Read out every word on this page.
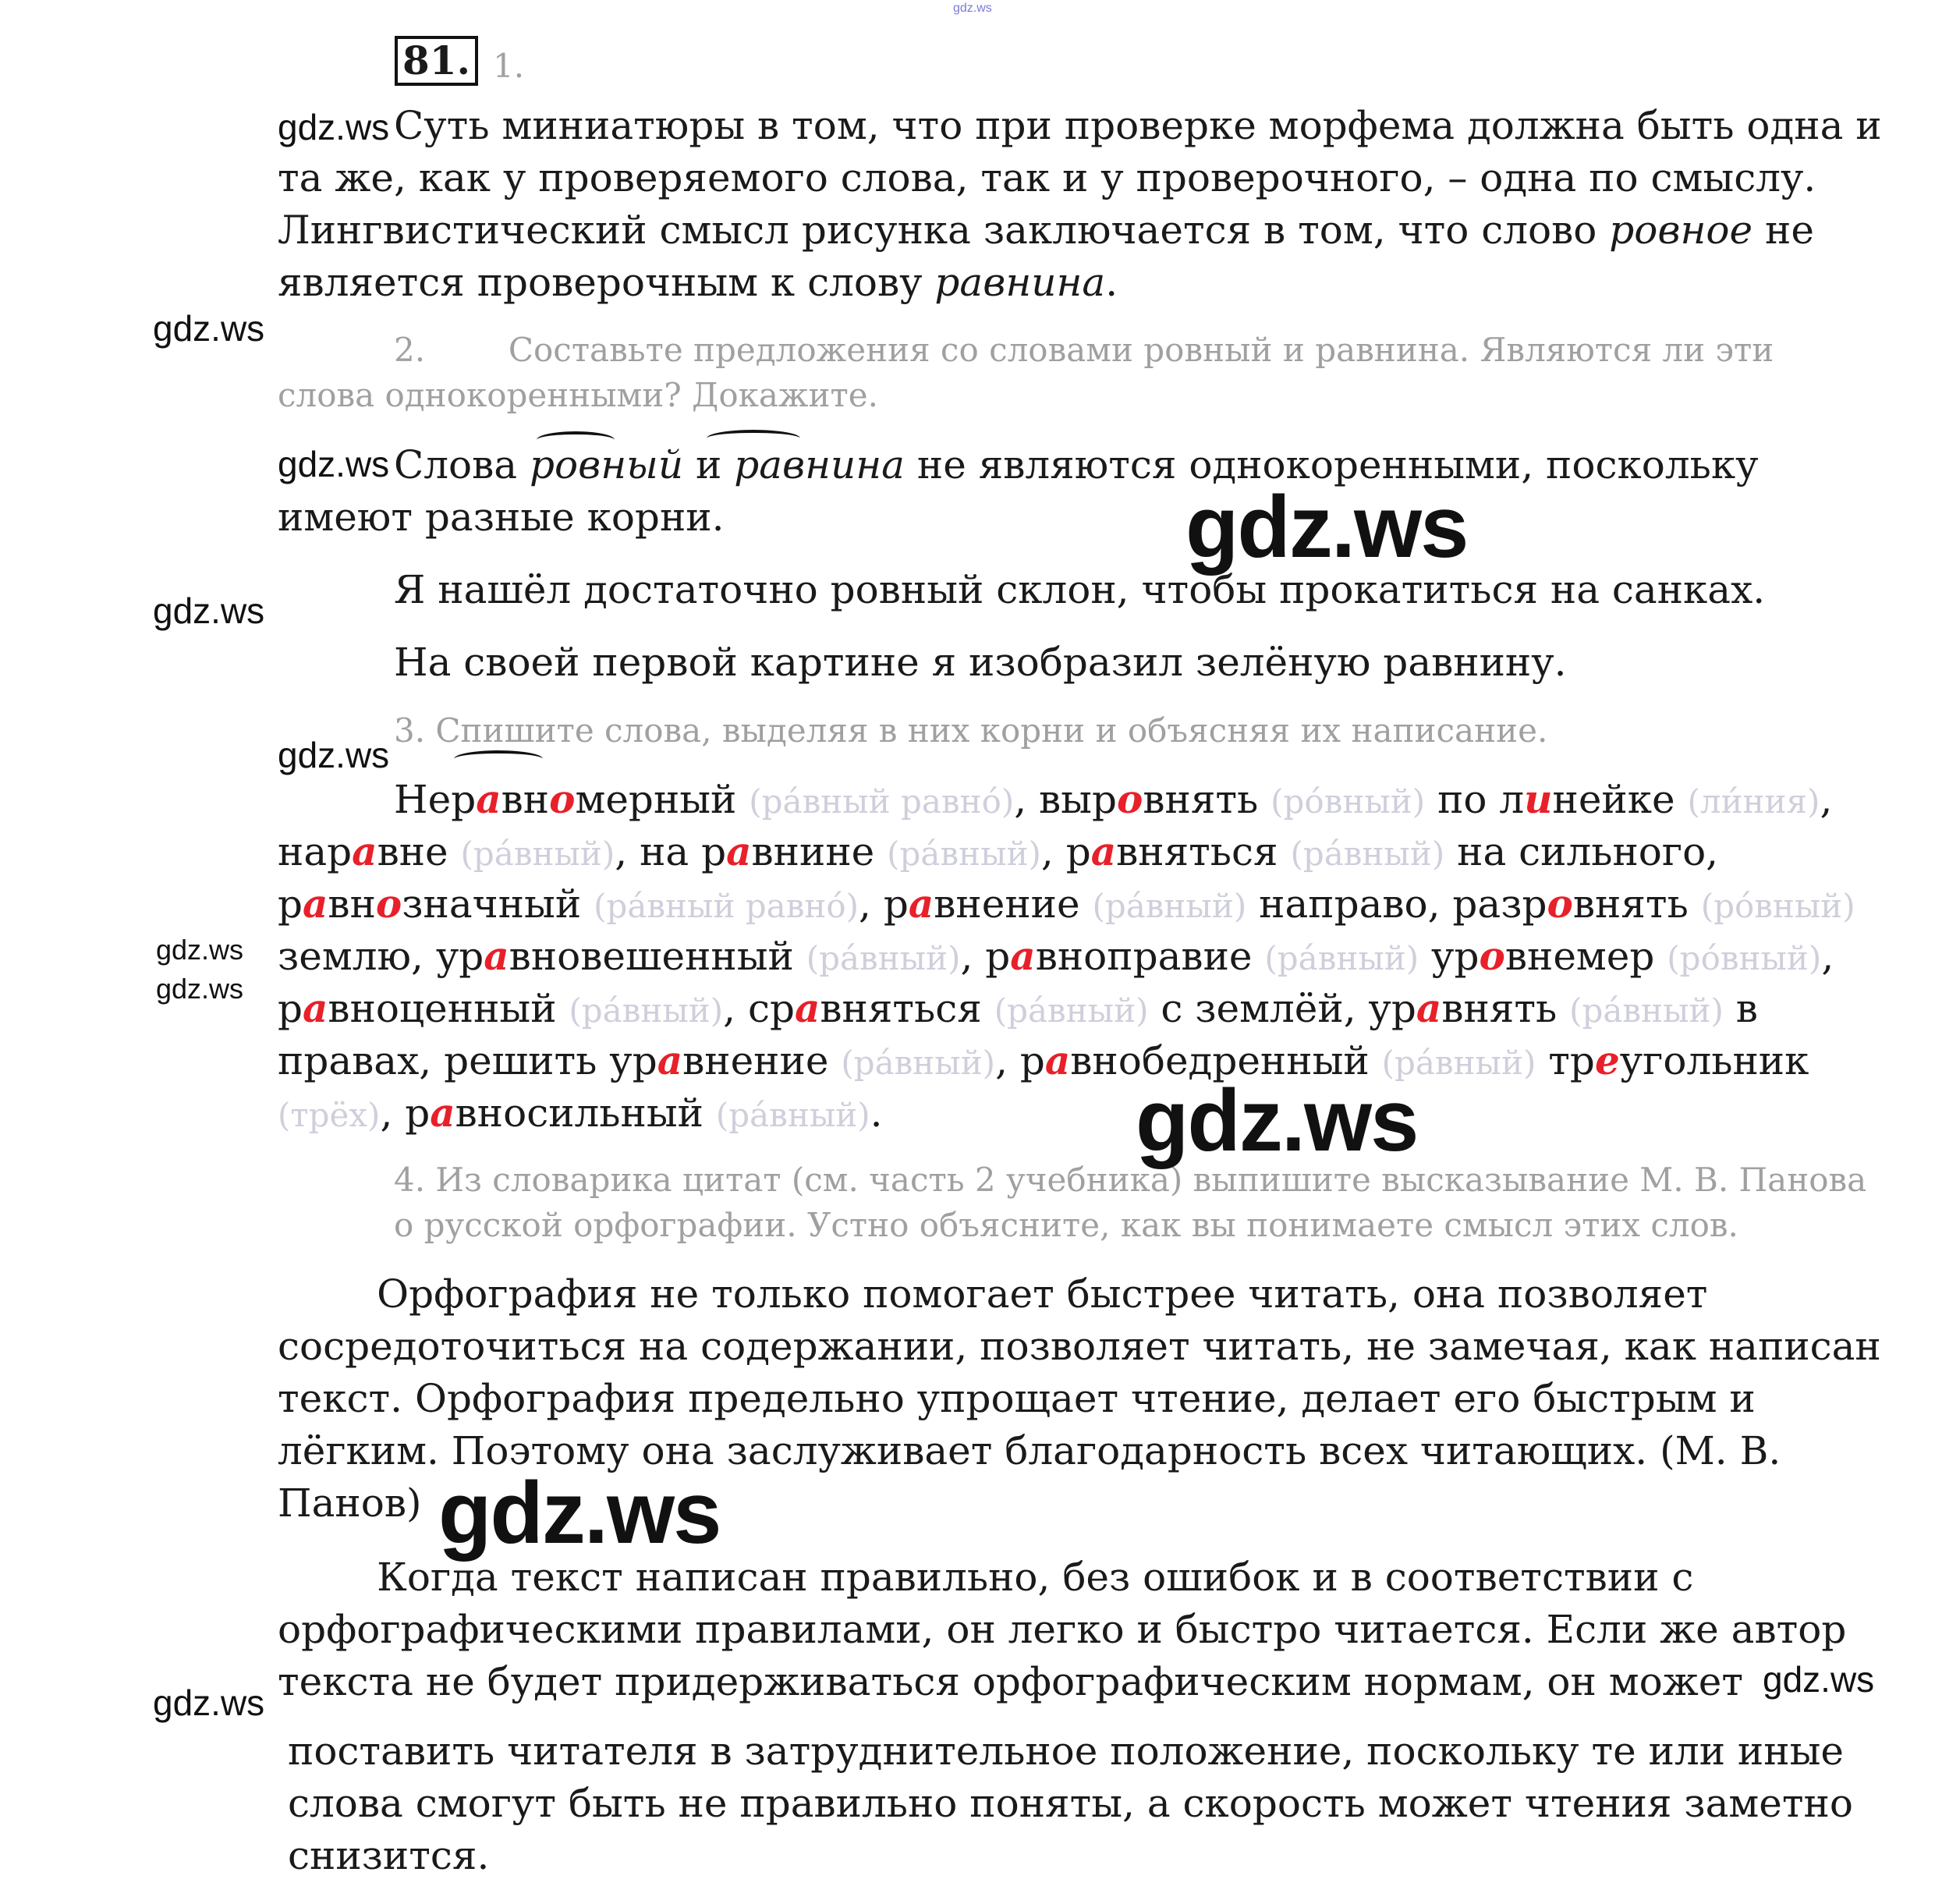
gdz.ws
81. 1.
Суть миниатюры в том, что при проверке морфема должна быть одна и
та же, как у проверяемого слова, так и у проверочного, – одна по смыслу.
Лингвистический смысл рисунка заключается в том, что слово ровное не
является проверочным к слову равнина.
2.        Составьте предложения со словами ровный и равнина. Являются ли эти
слова однокоренными? Докажите.
Слова ровный и равнина не являются однокоренными, поскольку
имеют разные корни.
Я нашёл достаточно ровный склон, чтобы прокатиться на санках.
На своей первой картине я изобразил зелёную равнину.
3. Спишите слова, выделяя в них корни и объясняя их написание.
Неравномерный (ра́вный равно́), выровнять (ро́вный) по линейке (ли́ния),
наравне (ра́вный), на равнине (ра́вный), равняться (ра́вный) на сильного,
равнозначный (ра́вный равно́), равнение (ра́вный) направо, разровнять (ро́вный)
землю, уравновешенный (ра́вный), равноправие (ра́вный) уровнемер (ро́вный),
равноценный (ра́вный), сравняться (ра́вный) с землёй, уравнять (ра́вный) в
правах, решить уравнение (ра́вный), равнобедренный (ра́вный) треугольник
(трёх), равносильный (ра́вный).
4. Из словарика цитат (см. часть 2 учебника) выпишите высказывание М. В. Панова
о русской орфографии. Устно объясните, как вы понимаете смысл этих слов.
Орфография не только помогает быстрее читать, она позволяет
сосредоточиться на содержании, позволяет читать, не замечая, как написан
текст. Орфография предельно упрощает чтение, делает его быстрым и
лёгким. Поэтому она заслуживает благодарность всех читающих. (М. В.
Панов)
Когда текст написан правильно, без ошибок и в соответствии с
орфографическими правилами, он легко и быстро читается. Если же автор
текста не будет придерживаться орфографическим нормам, он может
поставить читателя в затруднительное положение, поскольку те или иные
слова смогут быть не правильно поняты, а скорость может чтения заметно
снизится.
gdz.ws
gdz.ws
gdz.ws
gdz.ws
gdz.ws
gdz.ws
gdz.ws
gdz.ws
gdz.ws
gdz.ws
gdz.ws
gdz.ws
